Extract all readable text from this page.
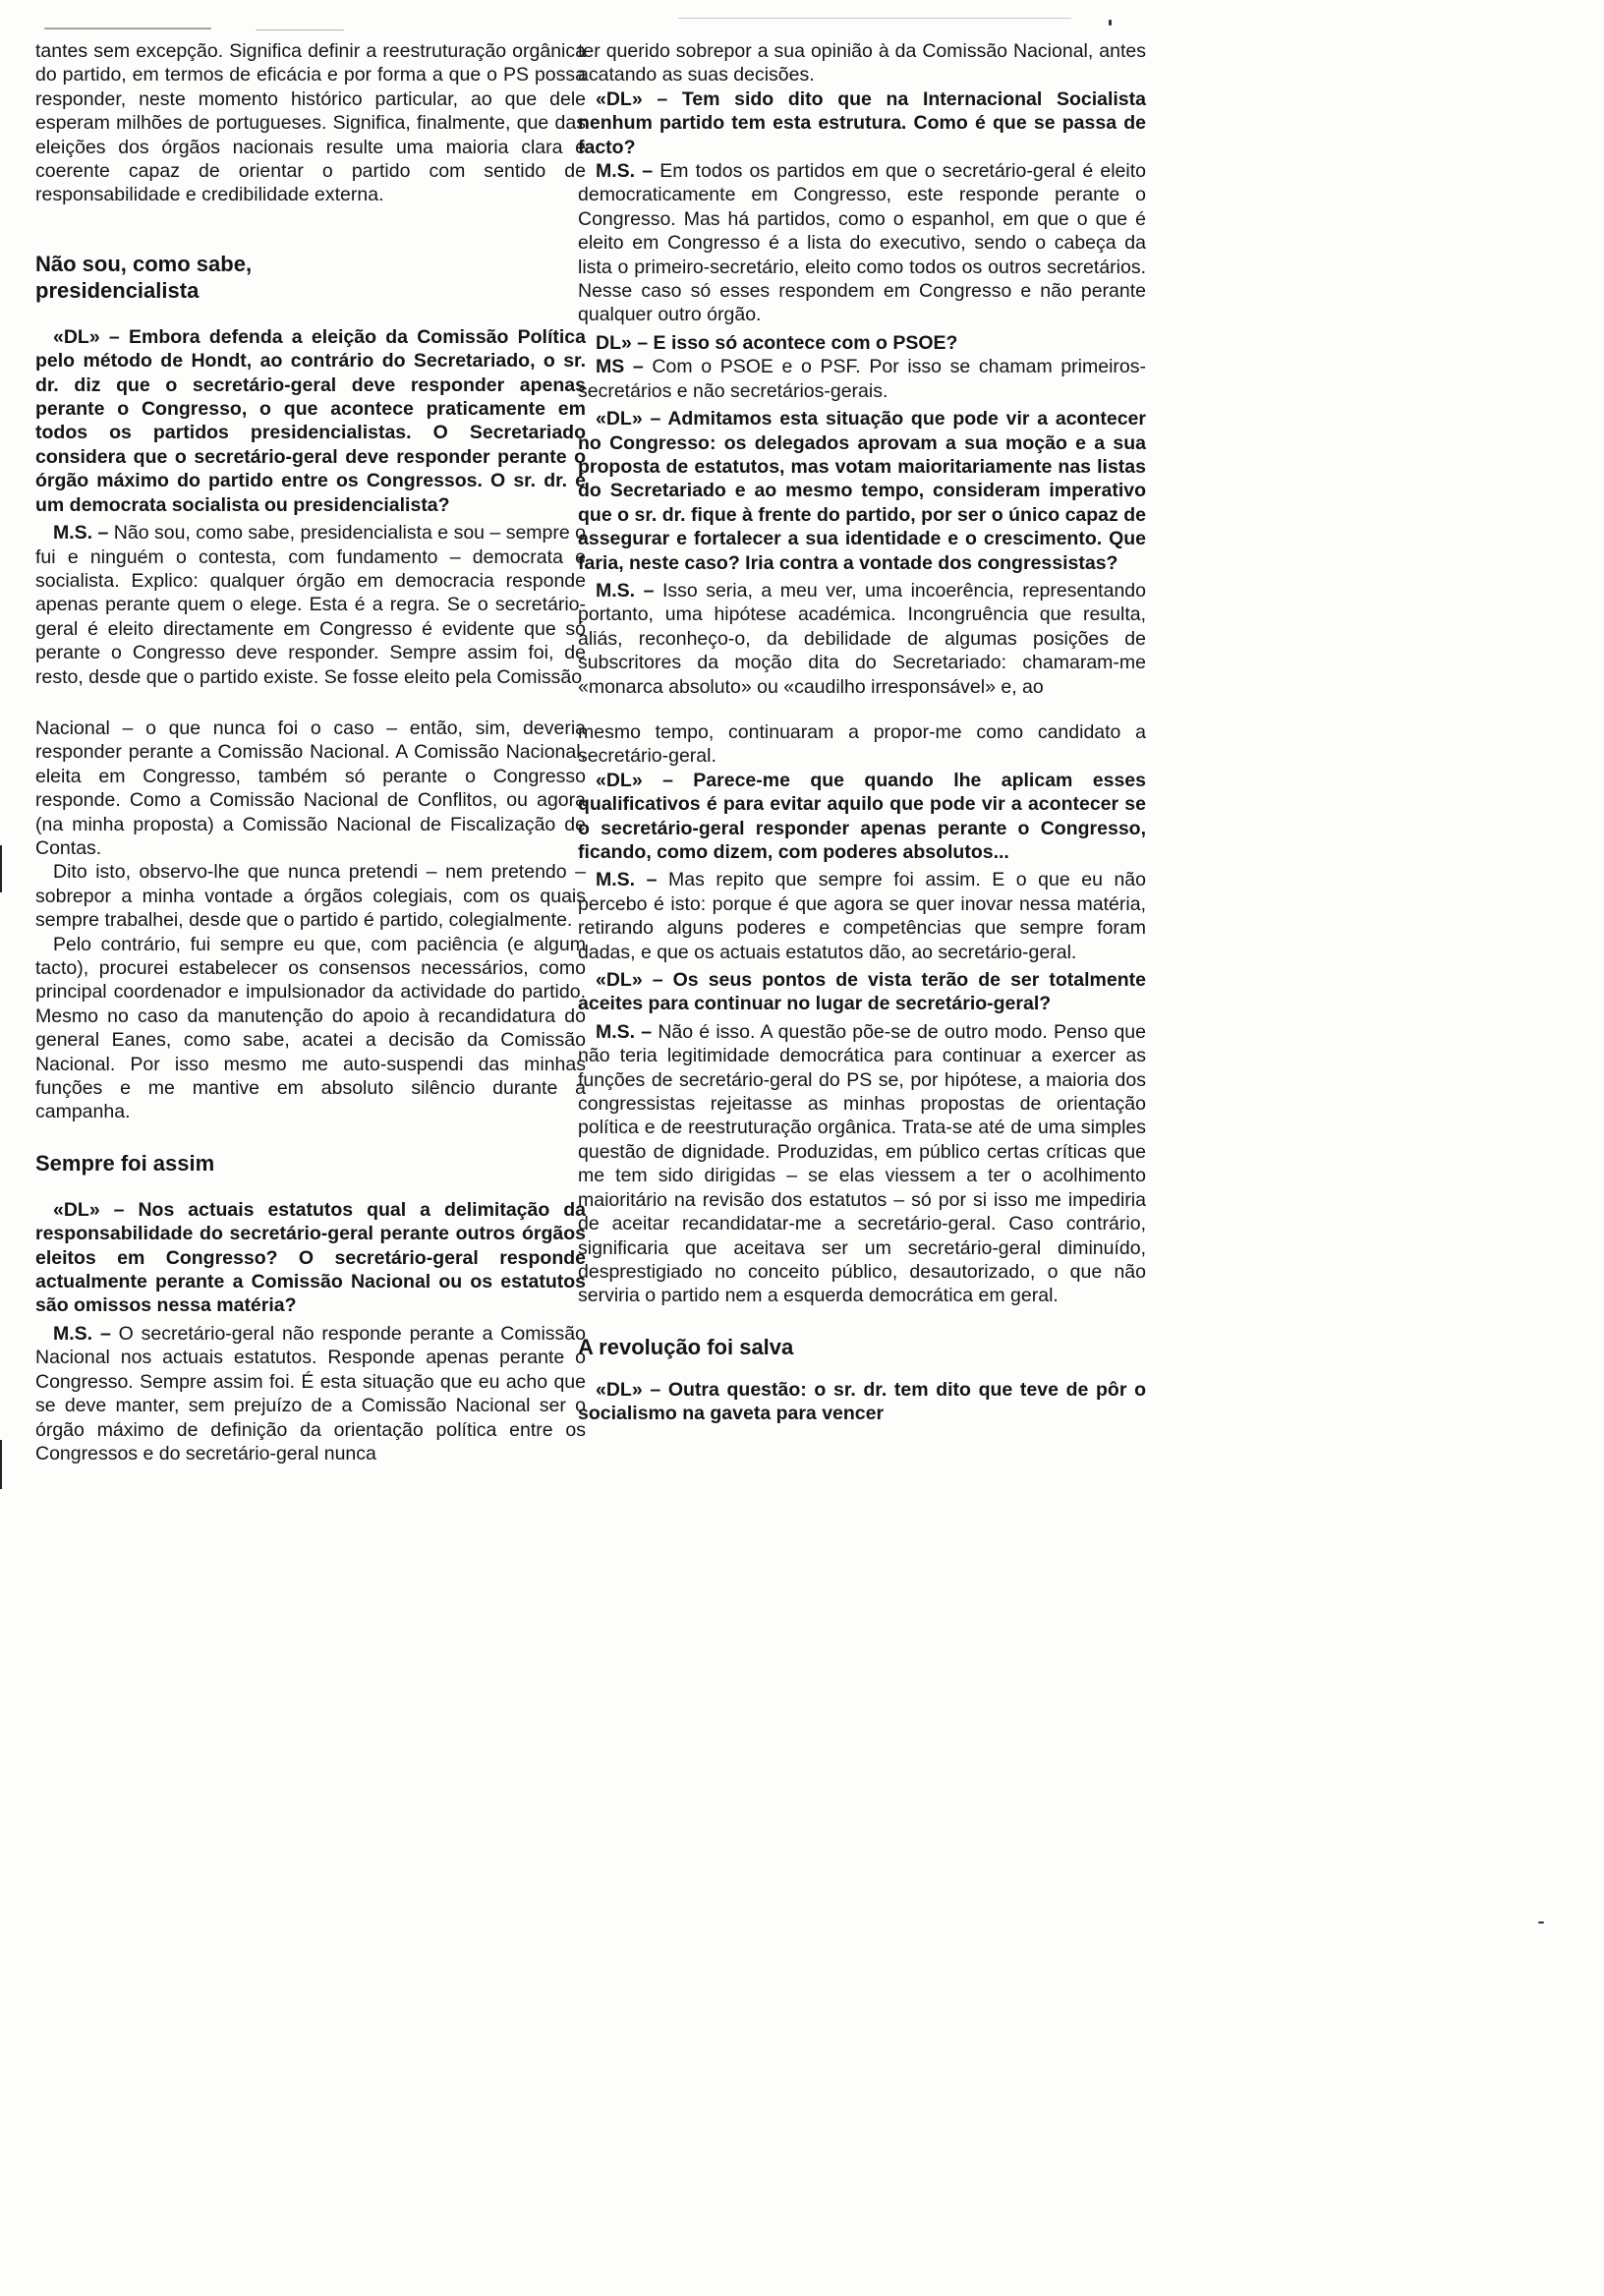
tantes sem excepção. Significa definir a reestruturação orgânica do partido, em termos de eficácia e por forma a que o PS possa responder, neste momento histórico particular, ao que dele esperam milhões de portugueses. Significa, finalmente, que das eleições dos órgãos nacionais resulte uma maioria clara e coerente capaz de orientar o partido com sentido de responsabilidade e credibilidade externa.

Não sou, como sabe, presidencialista

«DL» – Embora defenda a eleição da Comissão Política pelo método de Hondt, ao contrário do Secretariado, o sr. dr. diz que o secretário-geral deve responder apenas perante o Congresso, o que acontece praticamente em todos os partidos presidencialistas. O Secretariado considera que o secretário-geral deve responder perante o órgão máximo do partido entre os Congressos. O sr. dr. é um democrata socialista ou presidencialista?

M.S. – Não sou, como sabe, presidencialista e sou – sempre o fui e ninguém o contesta, com fundamento – democrata e socialista. Explico: qualquer órgão em democracia responde apenas perante quem o elege. Esta é a regra. Se o secretário-geral é eleito directamente em Congresso é evidente que só perante o Congresso deve responder. Sempre assim foi, de resto, desde que o partido existe. Se fosse eleito pela Comissão

Nacional – o que nunca foi o caso – então, sim, deveria responder perante a Comissão Nacional. A Comissão Nacional, eleita em Congresso, também só perante o Congresso responde. Como a Comissão Nacional de Conflitos, ou agora (na minha proposta) a Comissão Nacional de Fiscalização de Contas.

Dito isto, observo-lhe que nunca pretendi – nem pretendo – sobrepor a minha vontade a órgãos colegiais, com os quais sempre trabalhei, desde que o partido é partido, colegialmente.

Pelo contrário, fui sempre eu que, com paciência (e algum tacto), procurei estabelecer os consensos necessários, como principal coordenador e impulsionador da actividade do partido. Mesmo no caso da manutenção do apoio à recandidatura do general Eanes, como sabe, acatei a decisão da Comissão Nacional. Por isso mesmo me auto-suspendi das minhas funções e me mantive em absoluto silêncio durante a campanha.

Sempre foi assim

«DL» – Nos actuais estatutos qual a delimitação da responsabilidade do secretário-geral perante outros órgãos eleitos em Congresso? O secretário-geral responde actualmente perante a Comissão Nacional ou os estatutos são omissos nessa matéria?

M.S. – O secretário-geral não responde perante a Comissão Nacional nos actuais estatutos. Responde apenas perante o Congresso. Sempre assim foi. É esta situação que eu acho que se deve manter, sem prejuízo de a Comissão Nacional ser o órgão máximo de definição da orientação política entre os Congressos e do secretário-geral nunca

ter querido sobrepor a sua opinião à da Comissão Nacional, antes acatando as suas decisões.

«DL» – Tem sido dito que na Internacional Socialista nenhum partido tem esta estrutura. Como é que se passa de facto?

M.S. – Em todos os partidos em que o secretário-geral é eleito democraticamente em Congresso, este responde perante o Congresso. Mas há partidos, como o espanhol, em que o que é eleito em Congresso é a lista do executivo, sendo o cabeça da lista o primeiro-secretário, eleito como todos os outros secretários. Nesse caso só esses respondem em Congresso e não perante qualquer outro órgão.

DL» – E isso só acontece com o PSOE?

MS – Com o PSOE e o PSF. Por isso se chamam primeiros-secretários e não secretários-gerais.

«DL» – Admitamos esta situação que pode vir a acontecer no Congresso: os delegados aprovam a sua moção e a sua proposta de estatutos, mas votam maioritariamente nas listas do Secretariado e ao mesmo tempo, consideram imperativo que o sr. dr. fique à frente do partido, por ser o único capaz de assegurar e fortalecer a sua identidade e o crescimento. Que faria, neste caso? Iria contra a vontade dos congressistas?

M.S. – Isso seria, a meu ver, uma incoerência, representando portanto, uma hipótese académica. Incongruência que resulta, aliás, reconheço-o, da debilidade de algumas posições de subscritores da moção dita do Secretariado: chamaram-me «monarca absoluto» ou «caudilho irresponsável» e, ao

mesmo tempo, continuaram a propor-me como candidato a secretário-geral.

«DL» – Parece-me que quando lhe aplicam esses qualificativos é para evitar aquilo que pode vir a acontecer se o secretário-geral responder apenas perante o Congresso, ficando, como dizem, com poderes absolutos...

M.S. – Mas repito que sempre foi assim. E o que eu não percebo é isto: porque é que agora se quer inovar nessa matéria, retirando alguns poderes e competências que sempre foram dadas, e que os actuais estatutos dão, ao secretário-geral.

«DL» – Os seus pontos de vista terão de ser totalmente aceites para continuar no lugar de secretário-geral?

M.S. – Não é isso. A questão põe-se de outro modo. Penso que não teria legitimidade democrática para continuar a exercer as funções de secretário-geral do PS se, por hipótese, a maioria dos congressistas rejeitasse as minhas propostas de orientação política e de reestruturação orgânica. Trata-se até de uma simples questão de dignidade. Produzidas, em público certas críticas que me tem sido dirigidas – se elas viessem a ter o acolhimento maioritário na revisão dos estatutos – só por si isso me impediria de aceitar recandidatar-me a secretário-geral. Caso contrário, significaria que aceitava ser um secretário-geral diminuído, desprestigiado no conceito público, desautorizado, o que não serviria o partido nem a esquerda democrática em geral.

A revolução foi salva

«DL» – Outra questão: o sr. dr. tem dito que teve de pôr o socialismo na gaveta para vencer
